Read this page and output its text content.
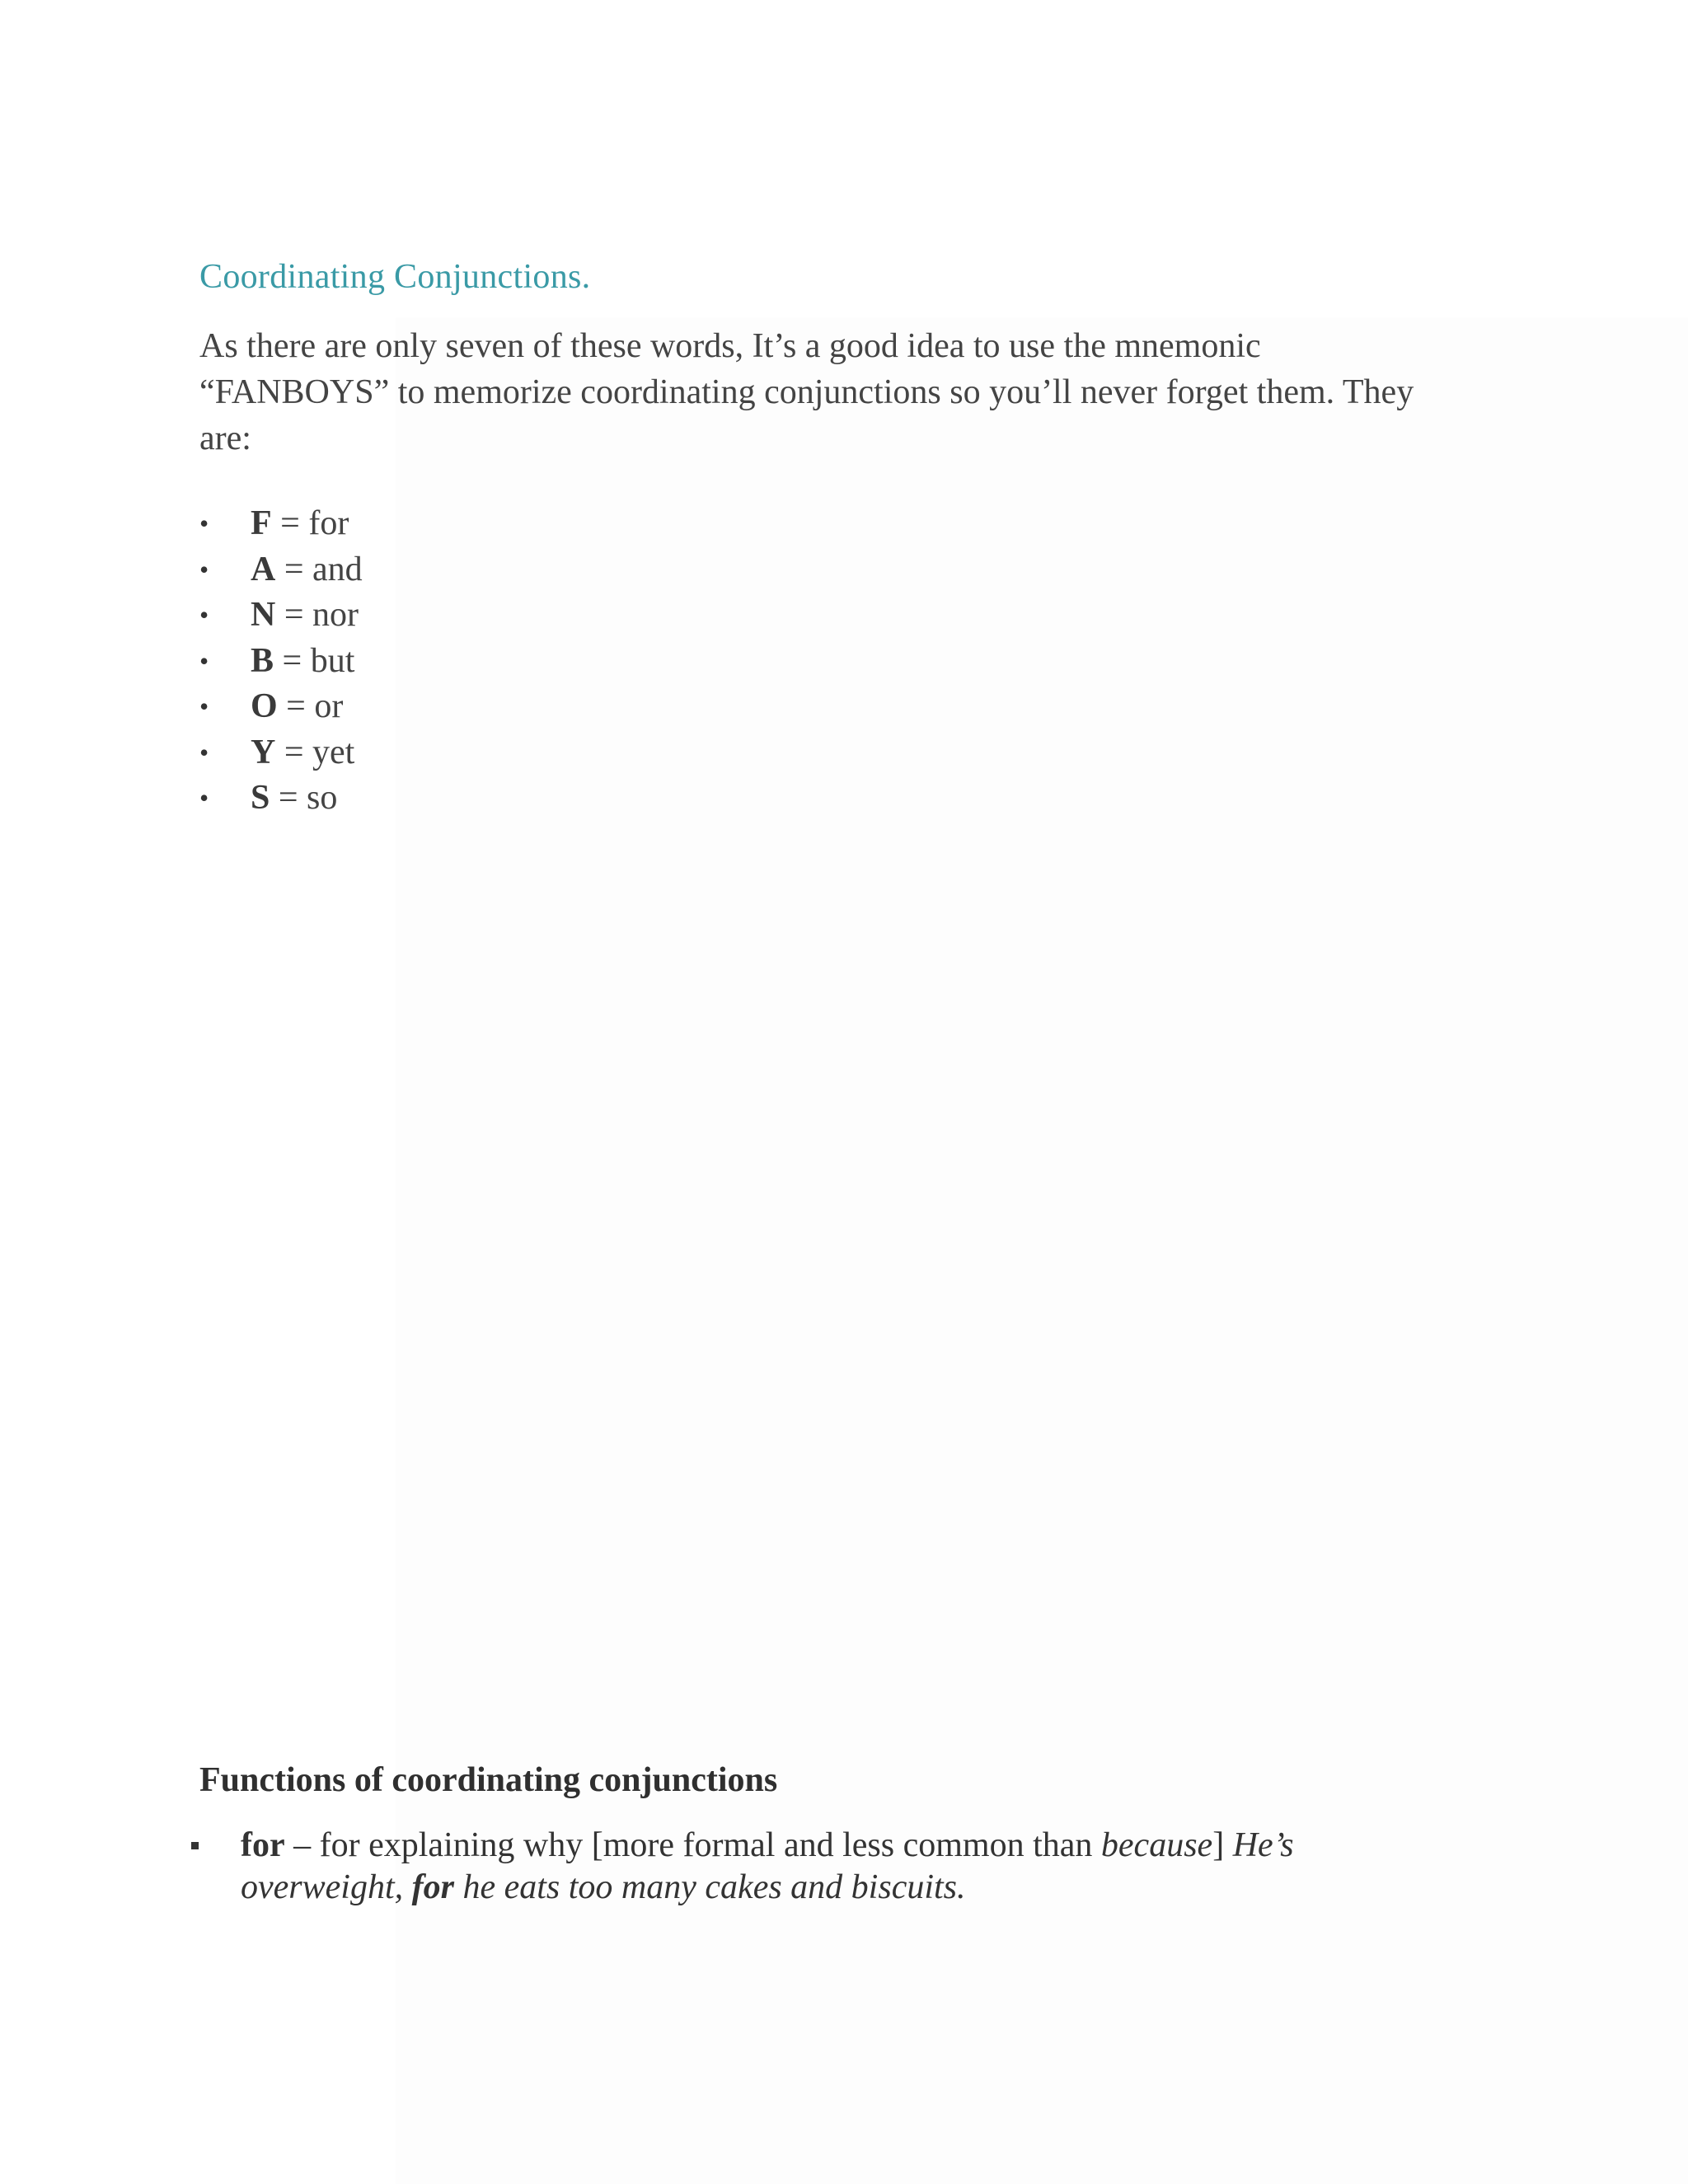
Coordinating Conjunctions.

As there are only seven of these words, It’s a good idea to use the mnemonic
“FANBOYS” to memorize coordinating conjunctions so you’ll never forget them. They
are:

• F = for
• A = and
• N = nor
• B = but
• O = or
• Y = yet
• S = so
Functions of coordinating conjunctions
for – for explaining why [more formal and less common than because] He’s
overweight, for he eats too many cakes and biscuits.
